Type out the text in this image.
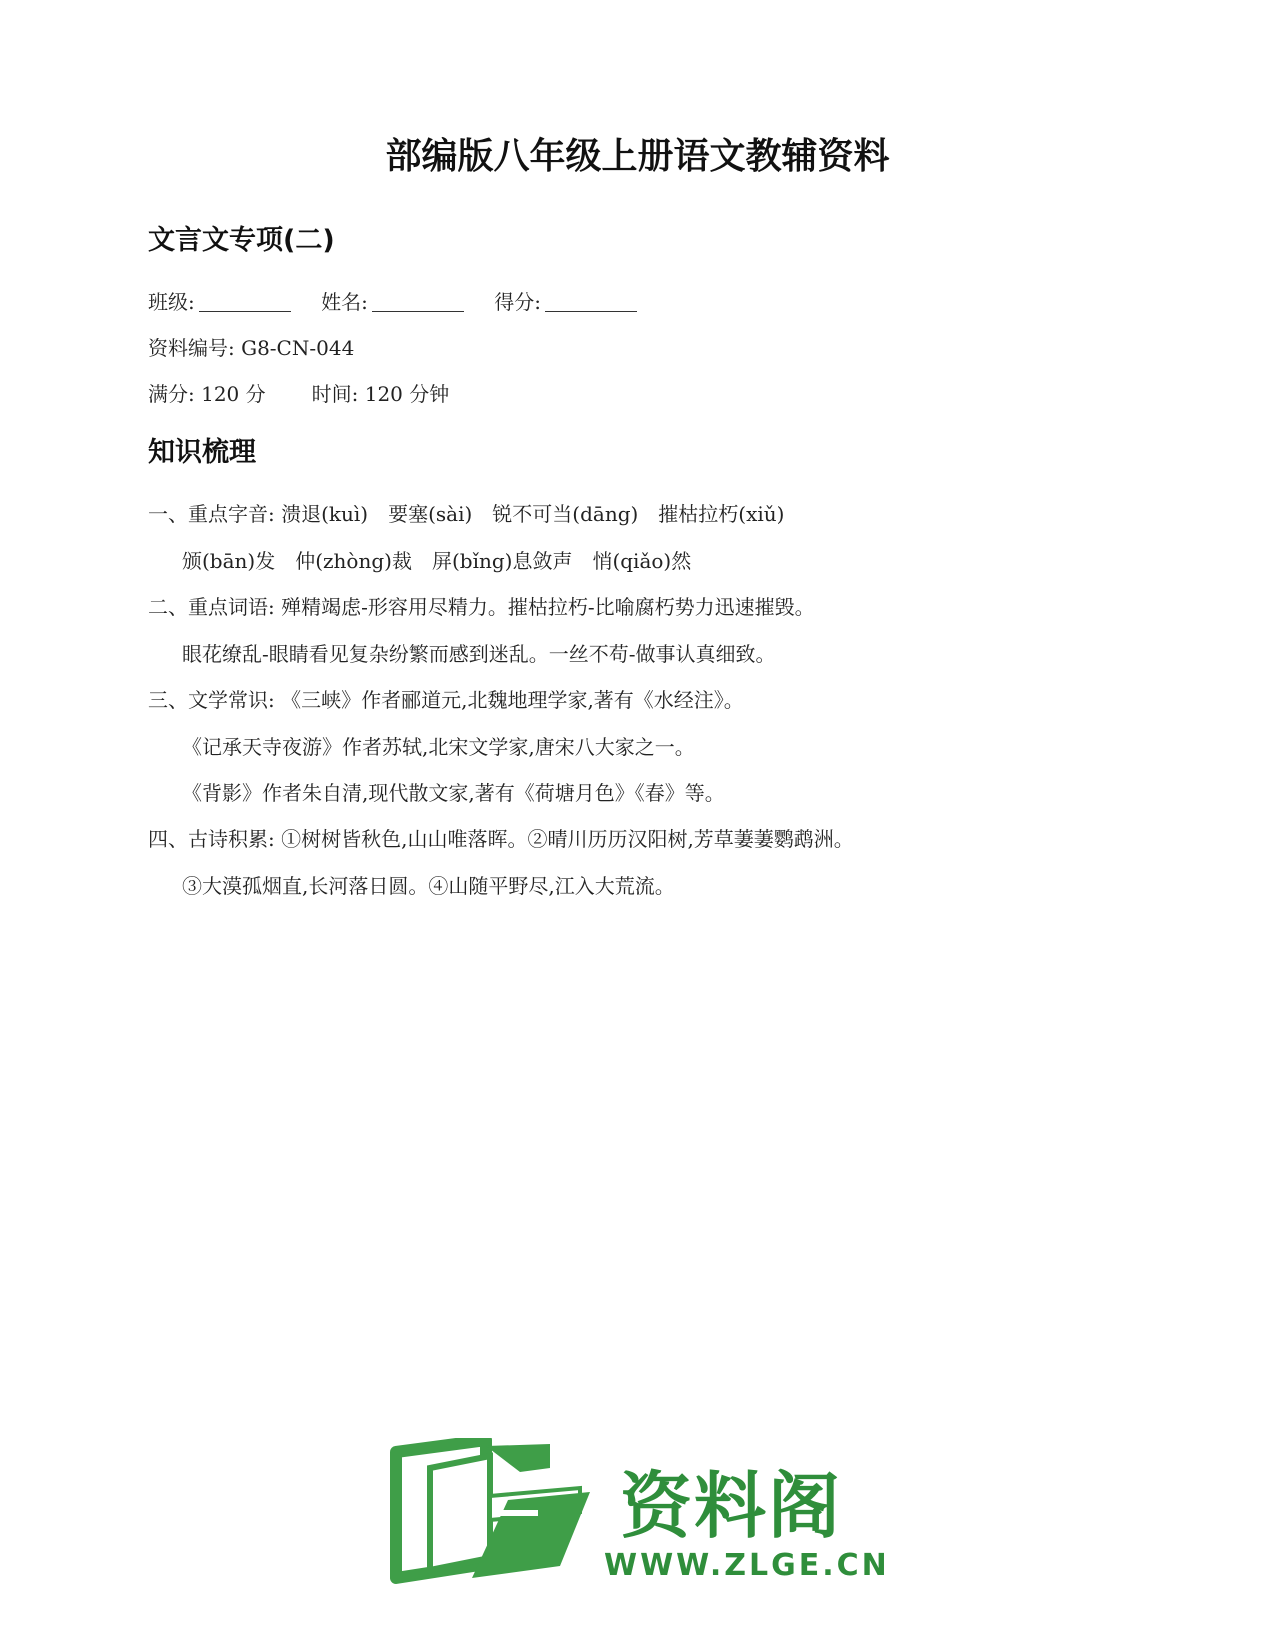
部编版八年级上册语文教辅资料
文言文专项(二)
班级:	姓名:	得分:
资料编号: G8-CN-044
满分: 120 分 时间: 120 分钟
知识梳理
一、重点字音: 溃退(kuì)　要塞(sài)　锐不可当(dāng)　摧枯拉朽(xiǔ)
颁(bān)发　仲(zhòng)裁　屏(bǐng)息敛声　悄(qiǎo)然
二、重点词语: 殚精竭虑-形容用尽精力。摧枯拉朽-比喻腐朽势力迅速摧毁。
眼花缭乱-眼睛看见复杂纷繁而感到迷乱。一丝不苟-做事认真细致。
三、文学常识: 《三峡》作者郦道元,北魏地理学家,著有《水经注》。
《记承天寺夜游》作者苏轼,北宋文学家,唐宋八大家之一。
《背影》作者朱自清,现代散文家,著有《荷塘月色》《春》等。
四、古诗积累: ①树树皆秋色,山山唯落晖。②晴川历历汉阳树,芳草萋萋鹦鹉洲。
③大漠孤烟直,长河落日圆。④山随平野尽,江入大荒流。
资料阁
WWW.ZLGE.CN
